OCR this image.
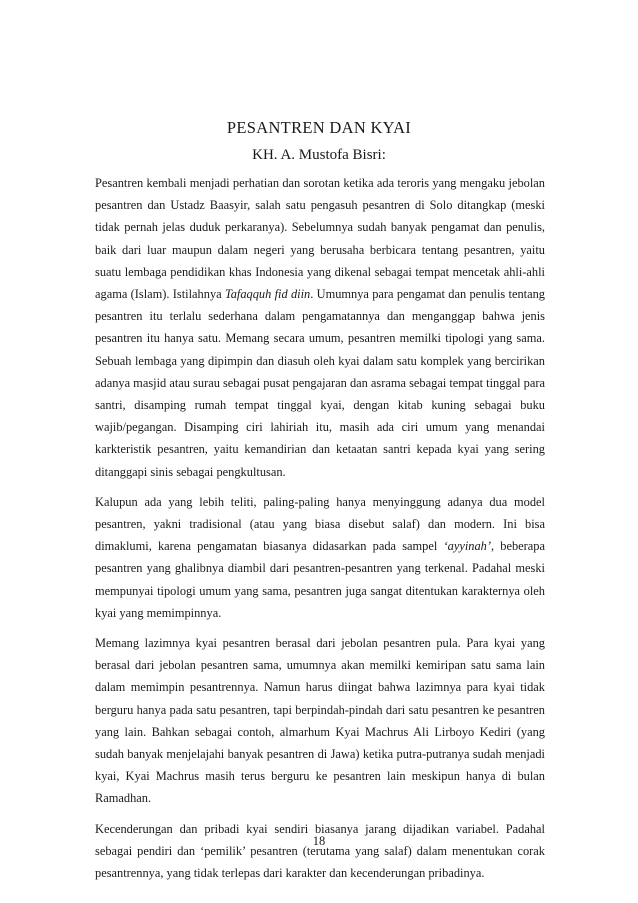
PESANTREN DAN KYAI
KH. A. Mustofa Bisri:

Pesantren kembali menjadi perhatian dan sorotan ketika ada teroris yang mengaku jebolan pesantren dan Ustadz Baasyir, salah satu pengasuh pesantren di Solo ditangkap (meski tidak pernah jelas duduk perkaranya). Sebelumnya sudah banyak pengamat dan penulis, baik dari luar maupun dalam negeri yang berusaha berbicara tentang pesantren, yaitu suatu lembaga pendidikan khas Indonesia yang dikenal sebagai tempat mencetak ahli-ahli agama (Islam). Istilahnya Tafaqquh fid diin. Umumnya para pengamat dan penulis tentang pesantren itu terlalu sederhana dalam pengamatannya dan menganggap bahwa jenis pesantren itu hanya satu. Memang secara umum, pesantren memilki tipologi yang sama. Sebuah lembaga yang dipimpin dan diasuh oleh kyai dalam satu komplek yang bercirikan adanya masjid atau surau sebagai pusat pengajaran dan asrama sebagai tempat tinggal para santri, disamping rumah tempat tinggal kyai, dengan kitab kuning sebagai buku wajib/pegangan. Disamping ciri lahiriah itu, masih ada ciri umum yang menandai karkteristik pesantren, yaitu kemandirian dan ketaatan santri kepada kyai yang sering ditanggapi sinis sebagai pengkultusan.

Kalupun ada yang lebih teliti, paling-paling hanya menyinggung adanya dua model pesantren, yakni tradisional (atau yang biasa disebut salaf) dan modern. Ini bisa dimaklumi, karena pengamatan biasanya didasarkan pada sampel ‘ayyinah’, beberapa pesantren yang ghalibnya diambil dari pesantren-pesantren yang terkenal. Padahal meski mempunyai tipologi umum yang sama, pesantren juga sangat ditentukan karakternya oleh kyai yang memimpinnya.

Memang lazimnya kyai pesantren berasal dari jebolan pesantren pula. Para kyai yang berasal dari jebolan pesantren sama, umumnya akan memilki kemiripan satu sama lain dalam memimpin pesantrennya. Namun harus diingat bahwa lazimnya para kyai tidak berguru hanya pada satu pesantren, tapi berpindah-pindah dari satu pesantren ke pesantren yang lain. Bahkan sebagai contoh, almarhum Kyai Machrus Ali Lirboyo Kediri (yang sudah banyak menjelajahi banyak pesantren di Jawa) ketika putra-putranya sudah menjadi kyai, Kyai Machrus masih terus berguru ke pesantren lain meskipun hanya di bulan Ramadhan.

Kecenderungan dan pribadi kyai sendiri biasanya jarang dijadikan variabel. Padahal sebagai pendiri dan ‘pemilik’ pesantren (terutama yang salaf) dalam menentukan corak pesantrennya, yang tidak terlepas dari karakter dan kecenderungan pribadinya.

18
